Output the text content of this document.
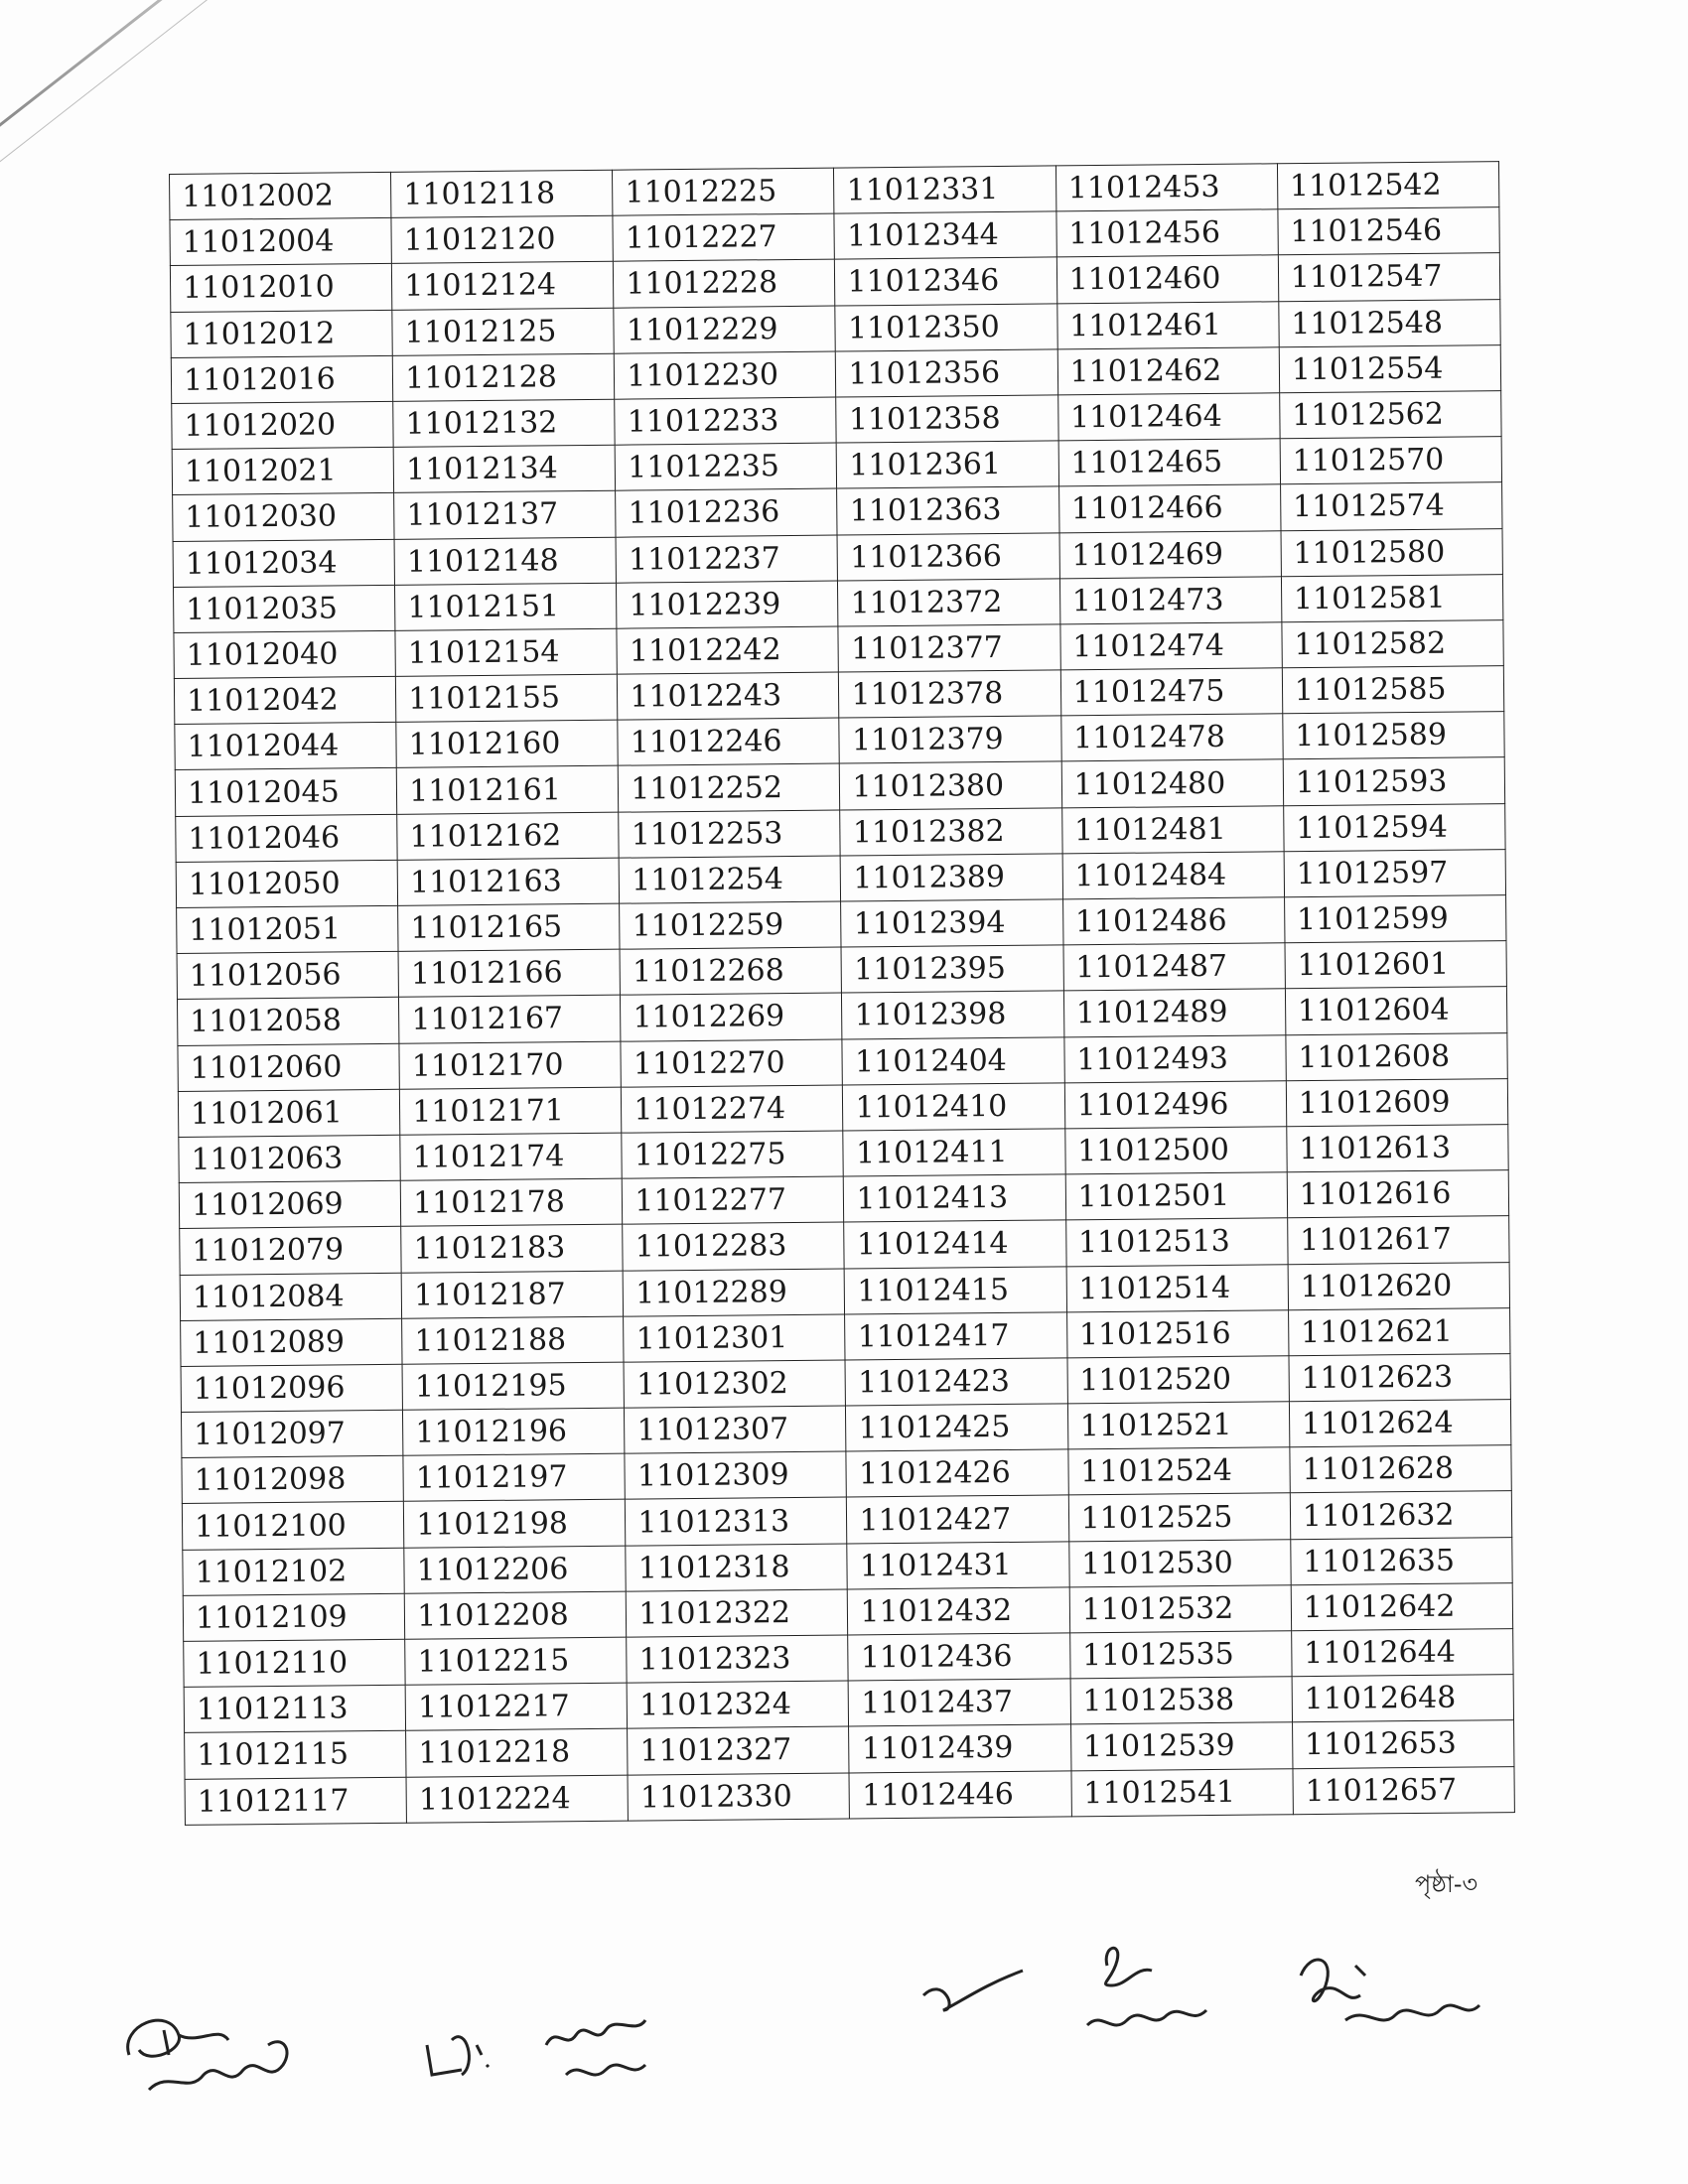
11012002	11012118	11012225	11012331	11012453	11012542
11012004	11012120	11012227	11012344	11012456	11012546
11012010	11012124	11012228	11012346	11012460	11012547
11012012	11012125	11012229	11012350	11012461	11012548
11012016	11012128	11012230	11012356	11012462	11012554
11012020	11012132	11012233	11012358	11012464	11012562
11012021	11012134	11012235	11012361	11012465	11012570
11012030	11012137	11012236	11012363	11012466	11012574
11012034	11012148	11012237	11012366	11012469	11012580
11012035	11012151	11012239	11012372	11012473	11012581
11012040	11012154	11012242	11012377	11012474	11012582
11012042	11012155	11012243	11012378	11012475	11012585
11012044	11012160	11012246	11012379	11012478	11012589
11012045	11012161	11012252	11012380	11012480	11012593
11012046	11012162	11012253	11012382	11012481	11012594
11012050	11012163	11012254	11012389	11012484	11012597
11012051	11012165	11012259	11012394	11012486	11012599
11012056	11012166	11012268	11012395	11012487	11012601
11012058	11012167	11012269	11012398	11012489	11012604
11012060	11012170	11012270	11012404	11012493	11012608
11012061	11012171	11012274	11012410	11012496	11012609
11012063	11012174	11012275	11012411	11012500	11012613
11012069	11012178	11012277	11012413	11012501	11012616
11012079	11012183	11012283	11012414	11012513	11012617
11012084	11012187	11012289	11012415	11012514	11012620
11012089	11012188	11012301	11012417	11012516	11012621
11012096	11012195	11012302	11012423	11012520	11012623
11012097	11012196	11012307	11012425	11012521	11012624
11012098	11012197	11012309	11012426	11012524	11012628
11012100	11012198	11012313	11012427	11012525	11012632
11012102	11012206	11012318	11012431	11012530	11012635
11012109	11012208	11012322	11012432	11012532	11012642
11012110	11012215	11012323	11012436	11012535	11012644
11012113	11012217	11012324	11012437	11012538	11012648
11012115	11012218	11012327	11012439	11012539	11012653
11012117	11012224	11012330	11012446	11012541	11012657
পৃষ্ঠা-৩
